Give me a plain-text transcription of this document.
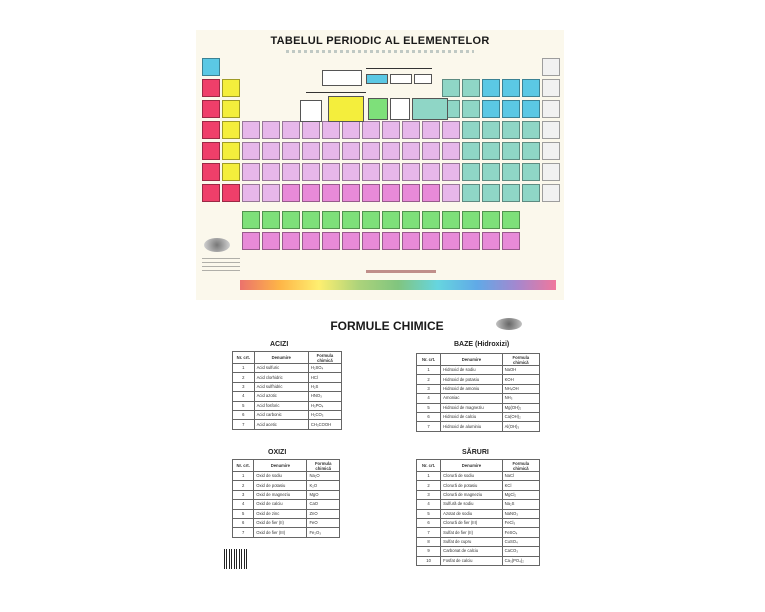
TABELUL PERIODIC AL ELEMENTELOR
FORMULE CHIMICE
ACIZI
Nr. crt.	Denumire	Formula chimică
1	Acid sulfuric	H₂SO₄
2	Acid clorhidric	HCl
3	Acid sulfhidric	H₂S
4	Acid azotic	HNO₃
5	Acid fosforic	H₃PO₄
6	Acid carbonic	H₂CO₃
7	Acid acetic	CH₃COOH
BAZE (Hidroxizi)
Nr. crt.	Denumire	Formula chimică
1	Hidroxid de sodiu	NaOH
2	Hidroxid de potasiu	KOH
3	Hidroxid de amoniu	NH₄OH
4	Amoniac	NH₃
5	Hidroxid de magneziu	Mg(OH)₂
6	Hidroxid de calciu	Ca(OH)₂
7	Hidroxid de aluminiu	Al(OH)₃
OXIZI
Nr. crt.	Denumire	Formula chimică
1	Oxid de sodiu	Na₂O
2	Oxid de potasiu	K₂O
3	Oxid de magneziu	MgO
4	Oxid de calciu	CaO
5	Oxid de zinc	ZnO
6	Oxid de fier (II)	FeO
7	Oxid de fier (III)	Fe₂O₃
SĂRURI
Nr. crt.	Denumire	Formula chimică
1	Clorură de sodiu	NaCl
2	Clorură de potasiu	KCl
3	Clorură de magneziu	MgCl₂
4	Sulfură de sodiu	Na₂S
5	Azotat de sodiu	NaNO₃
6	Clorură de fier (III)	FeCl₃
7	Sulfat de fier (II)	FeSO₄
8	Sulfat de cupru	CuSO₄
9	Carbonat de calciu	CaCO₃
10	Fosfat de calciu	Ca₃(PO₄)₂
